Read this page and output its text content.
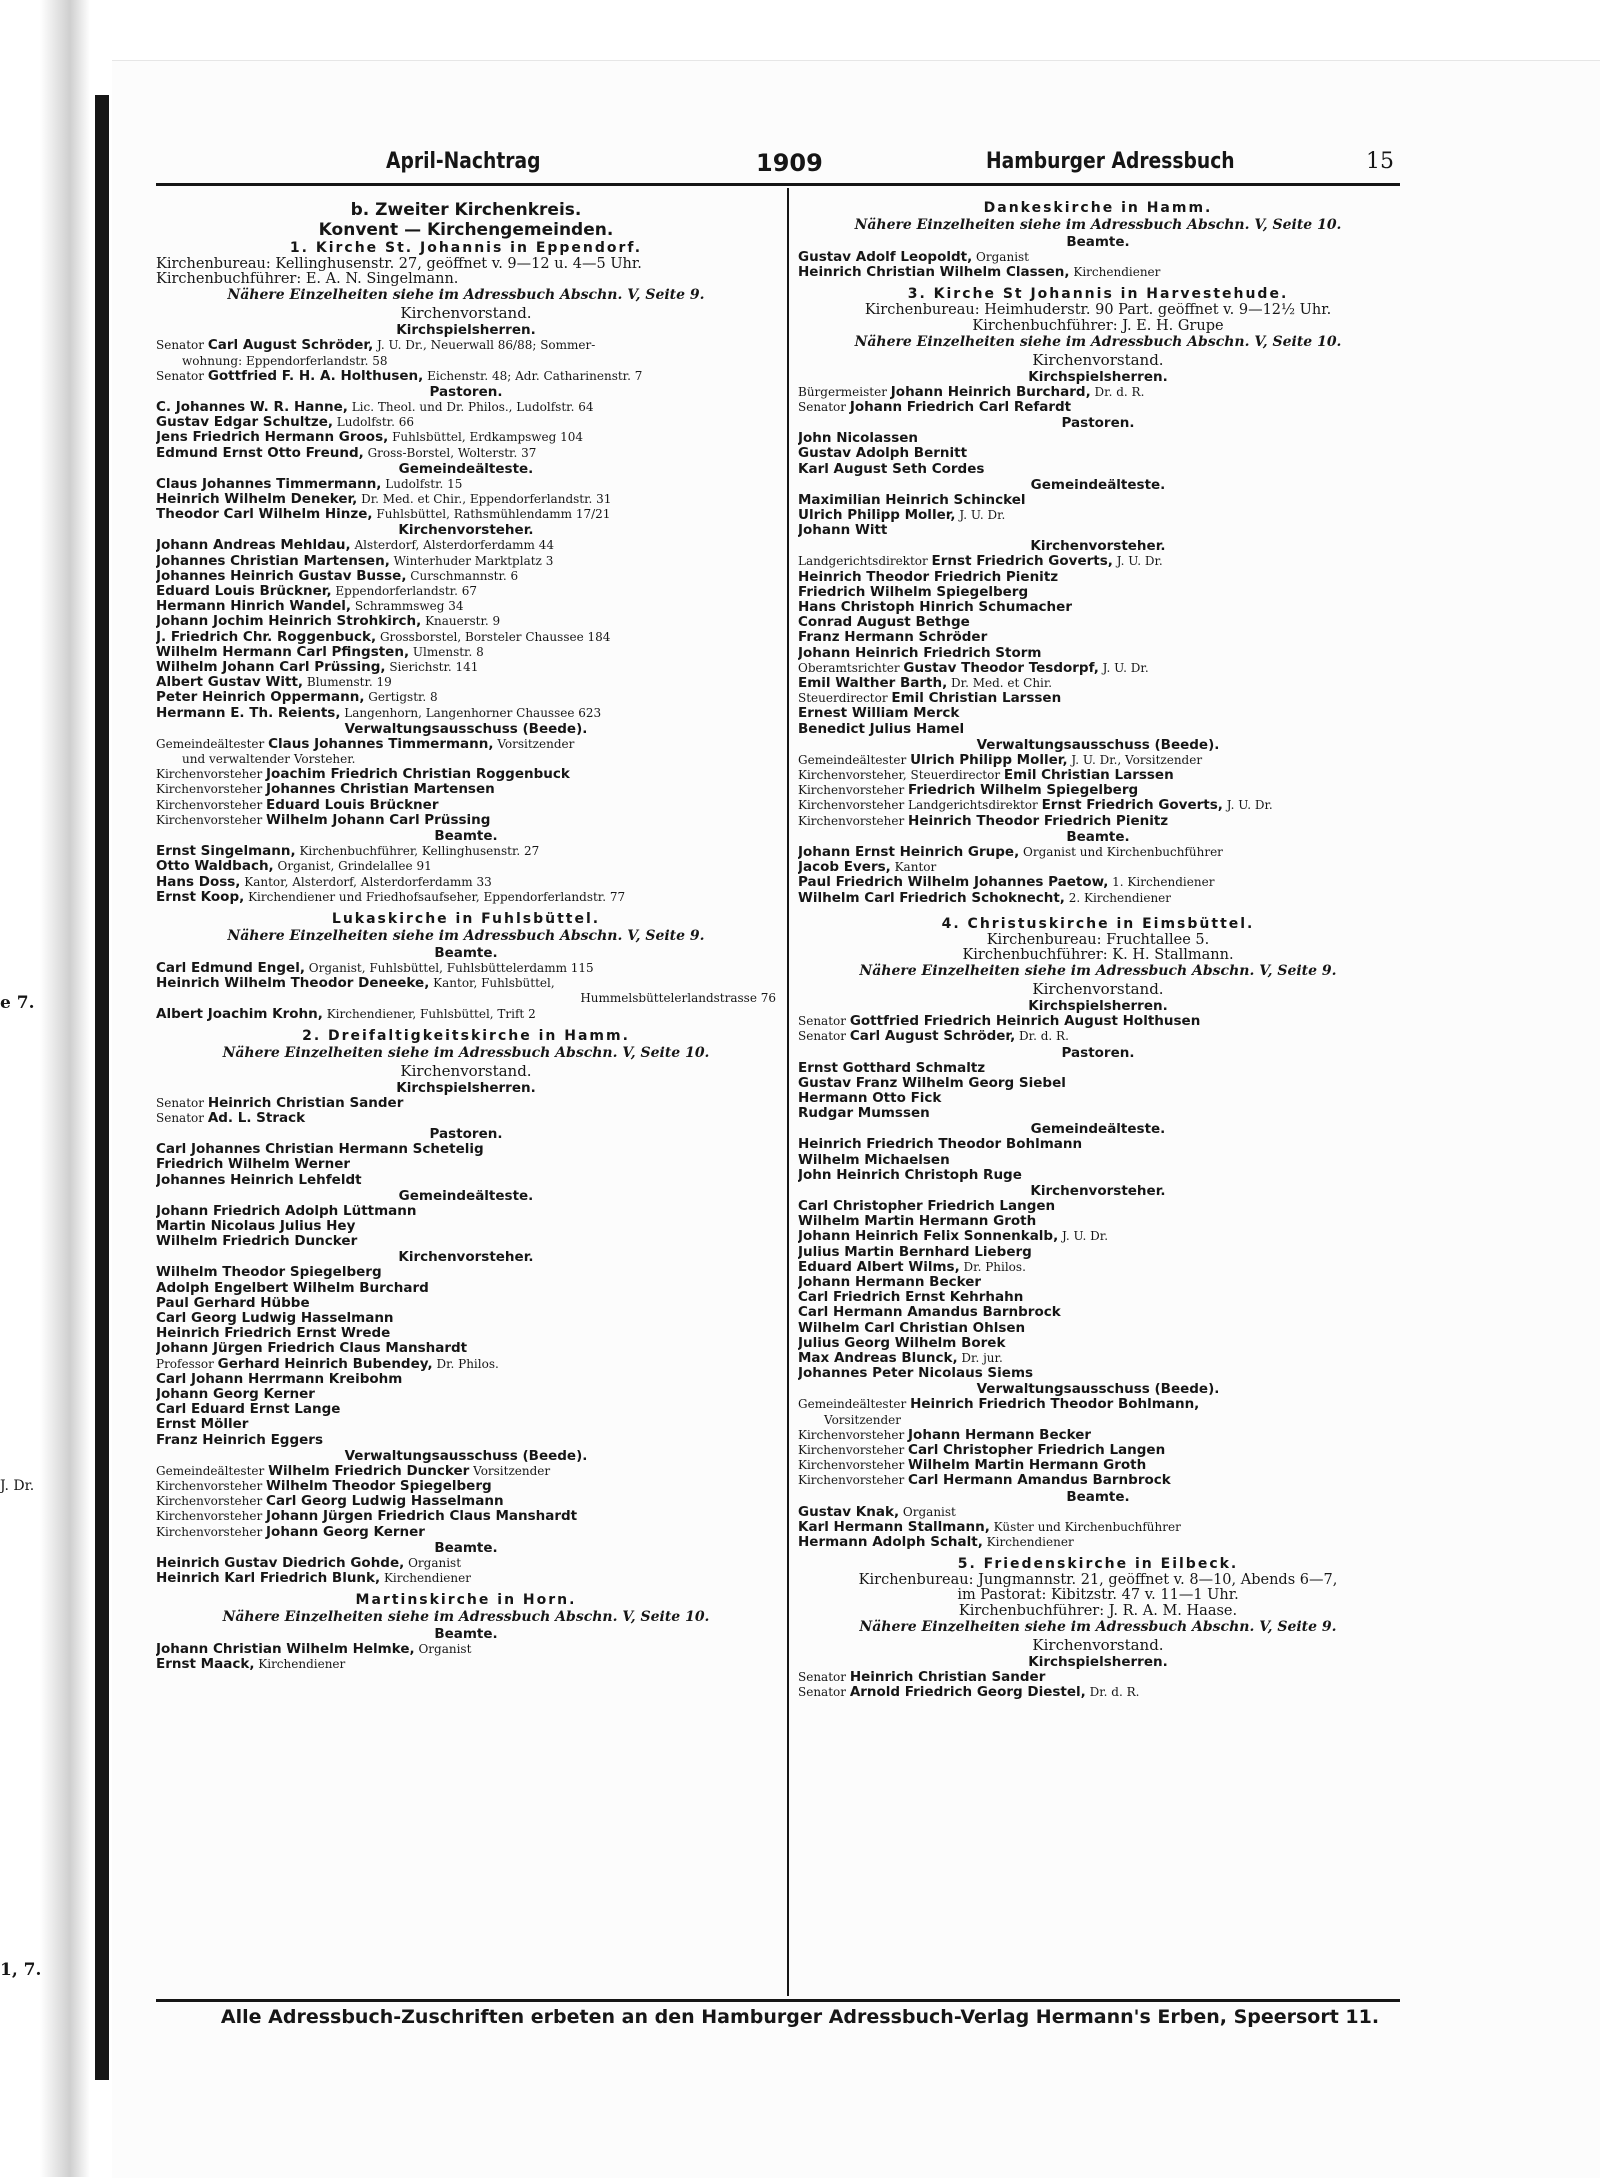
e 7.
J. Dr.
1, 7.
April-Nachtrag	1909	Hamburger Adressbuch	15
b. Zweiter Kirchenkreis.
Konvent — Kirchengemeinden.
1. Kirche St. Johannis in Eppendorf.
Kirchenbureau: Kellinghusenstr. 27, geöffnet v. 9—12 u. 4—5 Uhr.
Kirchenbuchführer: E. A. N. Singelmann.
Nähere Einzelheiten siehe im Adressbuch Abschn. V, Seite 9.
Kirchenvorstand.
Kirchspielsherren.
Senator Carl August Schröder, J. U. Dr., Neuerwall 86/88; Sommer-
wohnung: Eppendorferlandstr. 58
Senator Gottfried F. H. A. Holthusen, Eichenstr. 48; Adr. Catharinenstr. 7
Pastoren.
C. Johannes W. R. Hanne, Lic. Theol. und Dr. Philos., Ludolfstr. 64
Gustav Edgar Schultze, Ludolfstr. 66
Jens Friedrich Hermann Groos, Fuhlsbüttel, Erdkampsweg 104
Edmund Ernst Otto Freund, Gross-Borstel, Wolterstr. 37
Gemeindeälteste.
Claus Johannes Timmermann, Ludolfstr. 15
Heinrich Wilhelm Deneker, Dr. Med. et Chir., Eppendorferlandstr. 31
Theodor Carl Wilhelm Hinze, Fuhlsbüttel, Rathsmühlendamm 17/21
Kirchenvorsteher.
Johann Andreas Mehldau, Alsterdorf, Alsterdorferdamm 44
Johannes Christian Martensen, Winterhuder Marktplatz 3
Johannes Heinrich Gustav Busse, Curschmannstr. 6
Eduard Louis Brückner, Eppendorferlandstr. 67
Hermann Hinrich Wandel, Schrammsweg 34
Johann Jochim Heinrich Strohkirch, Knauerstr. 9
J. Friedrich Chr. Roggenbuck, Grossborstel, Borsteler Chaussee 184
Wilhelm Hermann Carl Pfingsten, Ulmenstr. 8
Wilhelm Johann Carl Prüssing, Sierichstr. 141
Albert Gustav Witt, Blumenstr. 19
Peter Heinrich Oppermann, Gertigstr. 8
Hermann E. Th. Reients, Langenhorn, Langenhorner Chaussee 623
Verwaltungsausschuss (Beede).
Gemeindeältester Claus Johannes Timmermann, Vorsitzender
und verwaltender Vorsteher.
Kirchenvorsteher Joachim Friedrich Christian Roggenbuck
Kirchenvorsteher Johannes Christian Martensen
Kirchenvorsteher Eduard Louis Brückner
Kirchenvorsteher Wilhelm Johann Carl Prüssing
Beamte.
Ernst Singelmann, Kirchenbuchführer, Kellinghusenstr. 27
Otto Waldbach, Organist, Grindelallee 91
Hans Doss, Kantor, Alsterdorf, Alsterdorferdamm 33
Ernst Koop, Kirchendiener und Friedhofsaufseher, Eppendorferlandstr. 77
Lukaskirche in Fuhlsbüttel.
Nähere Einzelheiten siehe im Adressbuch Abschn. V, Seite 9.
Beamte.
Carl Edmund Engel, Organist, Fuhlsbüttel, Fuhlsbüttelerdamm 115
Heinrich Wilhelm Theodor Deneeke, Kantor, Fuhlsbüttel,
Hummelsbüttelerlandstrasse 76
Albert Joachim Krohn, Kirchendiener, Fuhlsbüttel, Trift 2
2. Dreifaltigkeitskirche in Hamm.
Nähere Einzelheiten siehe im Adressbuch Abschn. V, Seite 10.
Kirchenvorstand.
Kirchspielsherren.
Senator Heinrich Christian Sander
Senator Ad. L. Strack
Pastoren.
Carl Johannes Christian Hermann Schetelig
Friedrich Wilhelm Werner
Johannes Heinrich Lehfeldt
Gemeindeälteste.
Johann Friedrich Adolph Lüttmann
Martin Nicolaus Julius Hey
Wilhelm Friedrich Duncker
Kirchenvorsteher.
Wilhelm Theodor Spiegelberg
Adolph Engelbert Wilhelm Burchard
Paul Gerhard Hübbe
Carl Georg Ludwig Hasselmann
Heinrich Friedrich Ernst Wrede
Johann Jürgen Friedrich Claus Manshardt
Professor Gerhard Heinrich Bubendey, Dr. Philos.
Carl Johann Herrmann Kreibohm
Johann Georg Kerner
Carl Eduard Ernst Lange
Ernst Möller
Franz Heinrich Eggers
Verwaltungsausschuss (Beede).
Gemeindeältester Wilhelm Friedrich Duncker Vorsitzender
Kirchenvorsteher Wilhelm Theodor Spiegelberg
Kirchenvorsteher Carl Georg Ludwig Hasselmann
Kirchenvorsteher Johann Jürgen Friedrich Claus Manshardt
Kirchenvorsteher Johann Georg Kerner
Beamte.
Heinrich Gustav Diedrich Gohde, Organist
Heinrich Karl Friedrich Blunk, Kirchendiener
Martinskirche in Horn.
Nähere Einzelheiten siehe im Adressbuch Abschn. V, Seite 10.
Beamte.
Johann Christian Wilhelm Helmke, Organist
Ernst Maack, Kirchendiener
Dankeskirche in Hamm.
Nähere Einzelheiten siehe im Adressbuch Abschn. V, Seite 10.
Beamte.
Gustav Adolf Leopoldt, Organist
Heinrich Christian Wilhelm Classen, Kirchendiener
3. Kirche St Johannis in Harvestehude.
Kirchenbureau: Heimhuderstr. 90 Part. geöffnet v. 9—12½ Uhr.
Kirchenbuchführer: J. E. H. Grupe
Nähere Einzelheiten siehe im Adressbuch Abschn. V, Seite 10.
Kirchenvorstand.
Kirchspielsherren.
Bürgermeister Johann Heinrich Burchard, Dr. d. R.
Senator Johann Friedrich Carl Refardt
Pastoren.
John Nicolassen
Gustav Adolph Bernitt
Karl August Seth Cordes
Gemeindeälteste.
Maximilian Heinrich Schinckel
Ulrich Philipp Moller, J. U. Dr.
Johann Witt
Kirchenvorsteher.
Landgerichtsdirektor Ernst Friedrich Goverts, J. U. Dr.
Heinrich Theodor Friedrich Pienitz
Friedrich Wilhelm Spiegelberg
Hans Christoph Hinrich Schumacher
Conrad August Bethge
Franz Hermann Schröder
Johann Heinrich Friedrich Storm
Oberamtsrichter Gustav Theodor Tesdorpf, J. U. Dr.
Emil Walther Barth, Dr. Med. et Chir.
Steuerdirector Emil Christian Larssen
Ernest William Merck
Benedict Julius Hamel
Verwaltungsausschuss (Beede).
Gemeindeältester Ulrich Philipp Moller, J. U. Dr., Vorsitzender
Kirchenvorsteher, Steuerdirector Emil Christian Larssen
Kirchenvorsteher Friedrich Wilhelm Spiegelberg
Kirchenvorsteher Landgerichtsdirektor Ernst Friedrich Goverts, J. U. Dr.
Kirchenvorsteher Heinrich Theodor Friedrich Pienitz
Beamte.
Johann Ernst Heinrich Grupe, Organist und Kirchenbuchführer
Jacob Evers, Kantor
Paul Friedrich Wilhelm Johannes Paetow, 1. Kirchendiener
Wilhelm Carl Friedrich Schoknecht, 2. Kirchendiener
4. Christuskirche in Eimsbüttel.
Kirchenbureau: Fruchtallee 5.
Kirchenbuchführer: K. H. Stallmann.
Nähere Einzelheiten siehe im Adressbuch Abschn. V, Seite 9.
Kirchenvorstand.
Kirchspielsherren.
Senator Gottfried Friedrich Heinrich August Holthusen
Senator Carl August Schröder, Dr. d. R.
Pastoren.
Ernst Gotthard Schmaltz
Gustav Franz Wilhelm Georg Siebel
Hermann Otto Fick
Rudgar Mumssen
Gemeindeälteste.
Heinrich Friedrich Theodor Bohlmann
Wilhelm Michaelsen
John Heinrich Christoph Ruge
Kirchenvorsteher.
Carl Christopher Friedrich Langen
Wilhelm Martin Hermann Groth
Johann Heinrich Felix Sonnenkalb, J. U. Dr.
Julius Martin Bernhard Lieberg
Eduard Albert Wilms, Dr. Philos.
Johann Hermann Becker
Carl Friedrich Ernst Kehrhahn
Carl Hermann Amandus Barnbrock
Wilhelm Carl Christian Ohlsen
Julius Georg Wilhelm Borek
Max Andreas Blunck, Dr. jur.
Johannes Peter Nicolaus Siems
Verwaltungsausschuss (Beede).
Gemeindeältester Heinrich Friedrich Theodor Bohlmann,
Vorsitzender
Kirchenvorsteher Johann Hermann Becker
Kirchenvorsteher Carl Christopher Friedrich Langen
Kirchenvorsteher Wilhelm Martin Hermann Groth
Kirchenvorsteher Carl Hermann Amandus Barnbrock
Beamte.
Gustav Knak, Organist
Karl Hermann Stallmann, Küster und Kirchenbuchführer
Hermann Adolph Schalt, Kirchendiener
5. Friedenskirche in Eilbeck.
Kirchenbureau: Jungmannstr. 21, geöffnet v. 8—10, Abends 6—7,
im Pastorat: Kibitzstr. 47 v. 11—1 Uhr.
Kirchenbuchführer: J. R. A. M. Haase.
Nähere Einzelheiten siehe im Adressbuch Abschn. V, Seite 9.
Kirchenvorstand.
Kirchspielsherren.
Senator Heinrich Christian Sander
Senator Arnold Friedrich Georg Diestel, Dr. d. R.
Alle Adressbuch-Zuschriften erbeten an den Hamburger Adressbuch-Verlag Hermann's Erben, Speersort 11.
